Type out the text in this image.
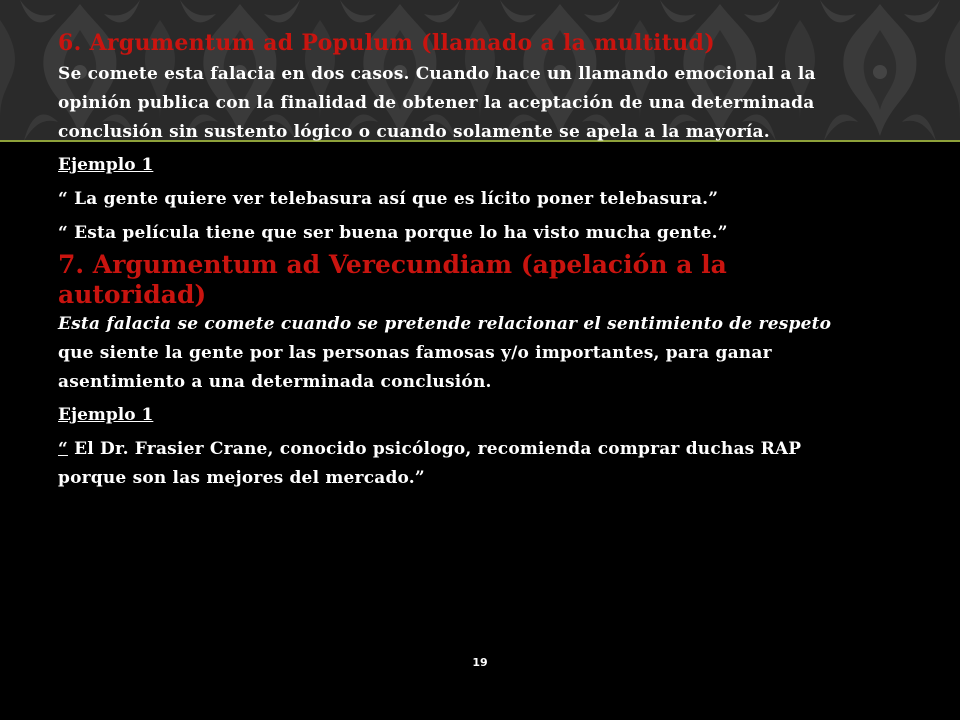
6. Argumentum ad Populum (llamado a la multitud)

Se comete esta falacia en dos casos. Cuando hace un llamando emocional a la opinión publica con la finalidad de obtener la aceptación de una determinada conclusión sin sustento lógico o cuando solamente se apela a la mayoría.

Ejemplo 1

“ La gente quiere ver telebasura así que es lícito poner telebasura.”

“ Esta película tiene que ser buena porque lo ha visto mucha gente.”

7. Argumentum ad Verecundiam (apelación a la autoridad)

Esta falacia se comete cuando se pretende relacionar el sentimiento de respeto que siente la gente por las personas famosas y/o importantes, para ganar asentimiento a una determinada conclusión.

Ejemplo 1

“ El Dr. Frasier Crane, conocido psicólogo, recomienda comprar duchas RAP porque son las mejores del mercado.”

19
